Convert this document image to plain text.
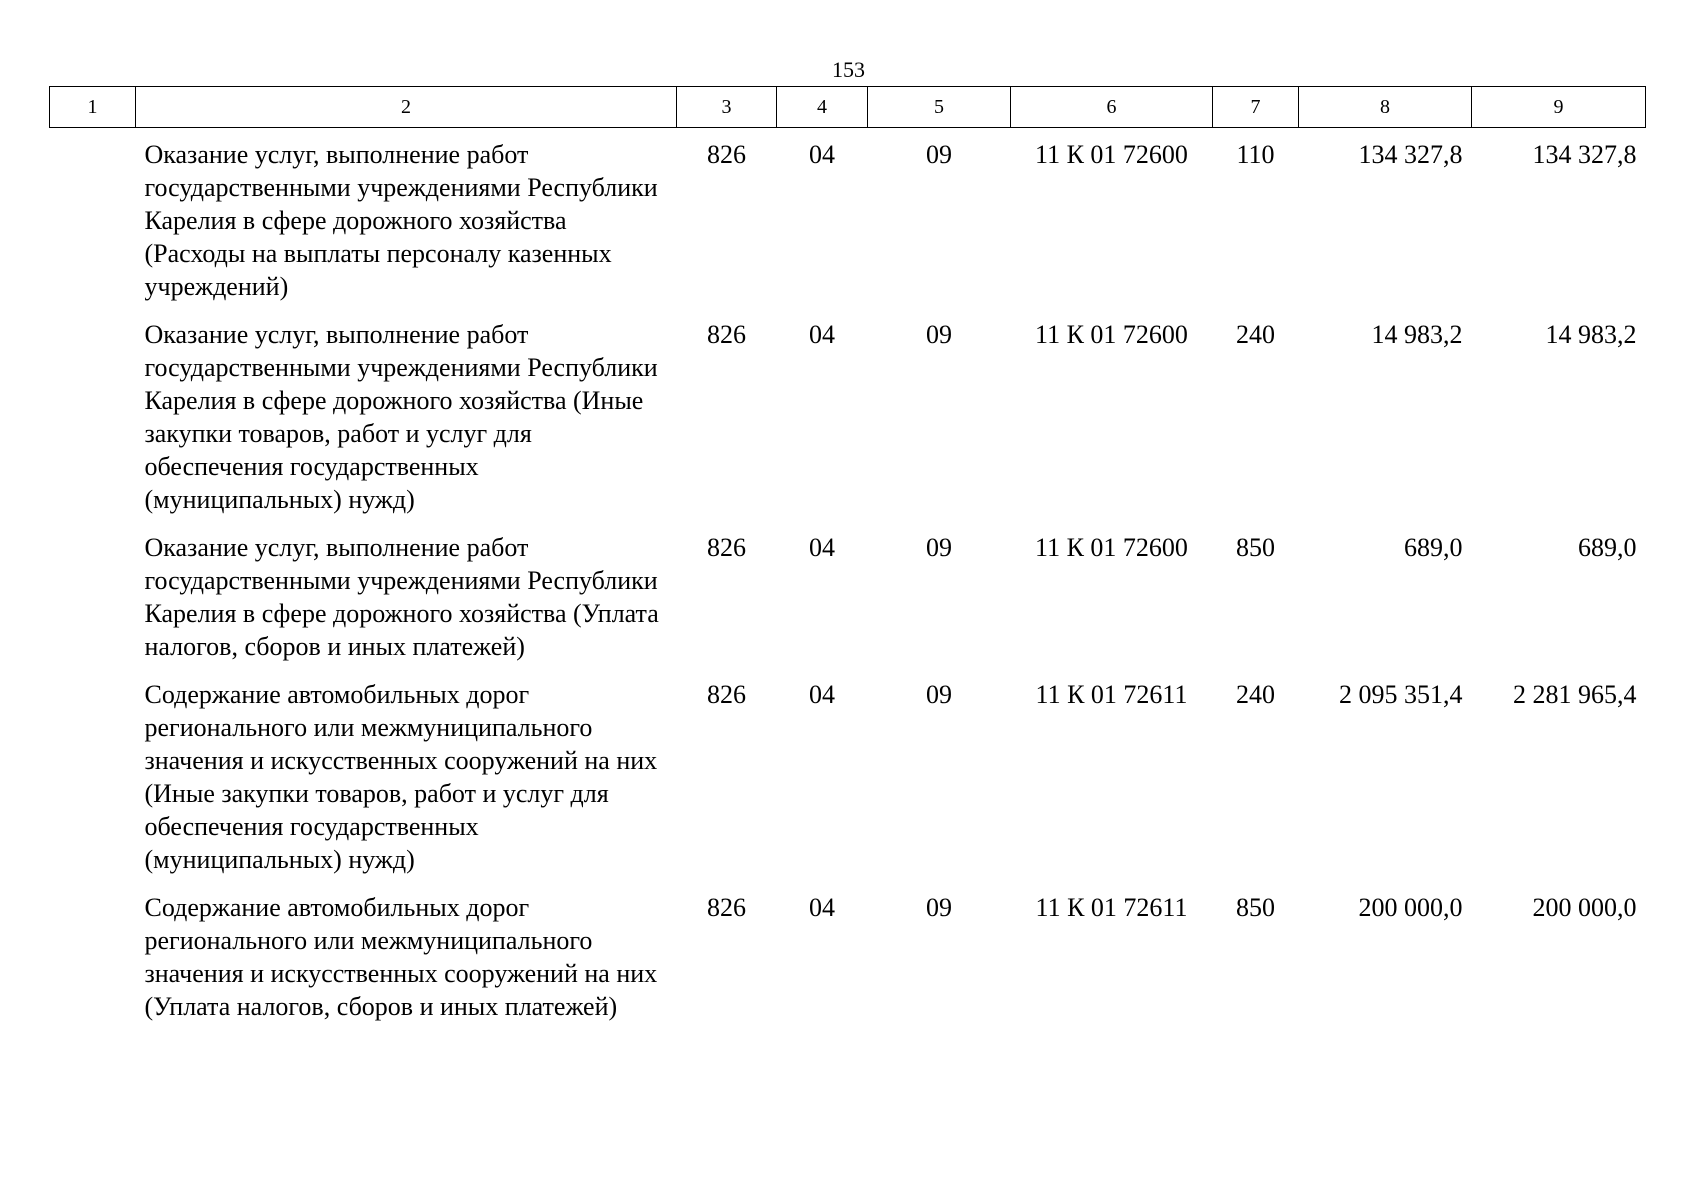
153
1	2	3	4	5	6	7	8	9
	Оказание услуг, выполнение работ государственными учреждениями Республики Карелия в сфере дорожного хозяйства (Расходы на выплаты персоналу казенных учреждений)	826	04	09	11 К 01 72600	110	134 327,8	134 327,8
	Оказание услуг, выполнение работ государственными учреждениями Республики Карелия в сфере дорожного хозяйства (Иные закупки товаров, работ и услуг для обеспечения государственных (муниципальных) нужд)	826	04	09	11 К 01 72600	240	14 983,2	14 983,2
	Оказание услуг, выполнение работ государственными учреждениями Республики Карелия в сфере дорожного хозяйства (Уплата налогов, сборов и иных платежей)	826	04	09	11 К 01 72600	850	689,0	689,0
	Содержание автомобильных дорог регионального или межмуниципального значения и искусственных сооружений на них (Иные закупки товаров, работ и услуг для обеспечения государственных (муниципальных) нужд)	826	04	09	11 К 01 72611	240	2 095 351,4	2 281 965,4
	Содержание автомобильных дорог регионального или межмуниципального значения и искусственных сооружений на них (Уплата налогов, сборов и иных платежей)	826	04	09	11 К 01 72611	850	200 000,0	200 000,0
